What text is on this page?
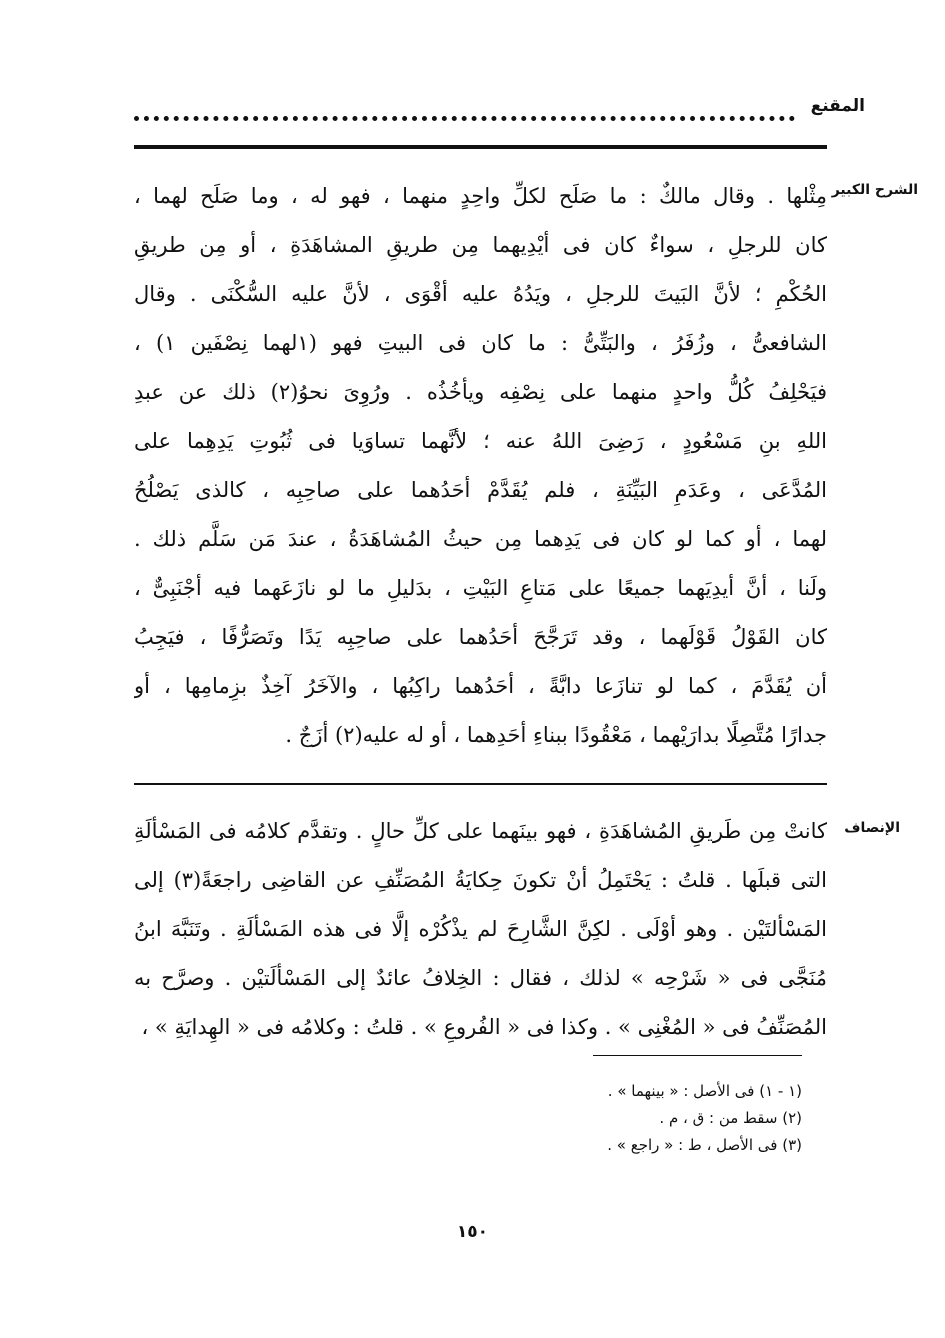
المقنع
الشرح الكبير
مِثْلها . وقال مالكٌ : ما صَلَح لكلِّ واحِدٍ منهما ، فهو له ، وما صَلَح لهما ،
كان للرجلِ ، سواءٌ كان فى أيْدِيهما مِن طريقِ المشاهَدَةِ ، أو مِن طريقِ
الحُكْمِ ؛ لأنَّ البَيتَ للرجلِ ، ويَدُهُ عليه أقْوَى ، لأنَّ عليه السُّكْنَى . وقال
الشافعىُّ ، وزُفَرُ ، والبَتِّىُّ : ما كان فى البيتِ فهو (١لهما نِصْفَين ١) ،
فيَحْلِفُ كُلُّ واحدٍ منهما على نِصْفِه ويأخُذُه . ورُوِىَ نحوُ(٢) ذلك عن عبدِ
اللهِ بنِ مَسْعُودٍ ، رَضِىَ اللهُ عنه ؛ لأنَّهما تساوَيا فى ثُبُوتِ يَدِهِما على
المُدَّعَى ، وعَدَمِ البَيِّنَةِ ، فلم يُقَدَّمْ أحَدُهما على صاحِبِه ، كالذى يَصْلُحُ
لهما ، أو كما لو كان فى يَدِهما مِن حيثُ المُشاهَدَةُ ، عندَ مَن سَلَّم ذلك .
ولَنا ، أنَّ أيدِيَهما جميعًا على مَتاعِ البَيْتِ ، بدَليلِ ما لو نازَعَهما فيه أجْنَبِىٌّ ،
كان القَوْلُ قَوْلَهما ، وقد تَرَجَّحَ أحَدُهما على صاحِبِه يَدًا وتَصَرُّفًا ، فيَجِبُ
أن يُقَدَّمَ ، كما لو تنازَعا دابَّةً ، أحَدُهما راكِبُها ، والآخَرُ آخِذٌ بزِمامِها ، أو
جدارًا مُتَّصِلًا بدارَيْهما ، مَعْقُودًا ببناءِ أحَدِهما ، أو له عليه(٢) أزَجٌ .
الإنصاف
كانتْ مِن طَريقِ المُشاهَدَةِ ، فهو بينَهما على كلِّ حالٍ . وتقدَّم كلامُه فى المَسْألَةِ
التى قبلَها . قلتُ : يَحْتَمِلُ أنْ تكونَ حِكايَةُ المُصَنِّفِ عن القاضِى راجعَةً(٣) إلى
المَسْألتَيْن . وهو أوْلَى . لكِنَّ الشَّارِحَ لم يذْكُرْه إلَّا فى هذه المَسْألَةِ . وتَنَبَّهَ ابنُ
مُنَجَّى فى « شَرْحِه » لذلك ، فقال : الخِلافُ عائدٌ إلى المَسْألَتيْن . وصرَّح به
المُصَنِّفُ فى « المُغْنِى » . وكذا فى « الفُروعِ » . قلتُ : وكلامُه فى « الهِدايَةِ » ،
(١ - ١) فى الأصل : « بينهما » .
(٢) سقط من : ق ، م .
(٣) فى الأصل ، ط : « راجع » .
١٥٠
